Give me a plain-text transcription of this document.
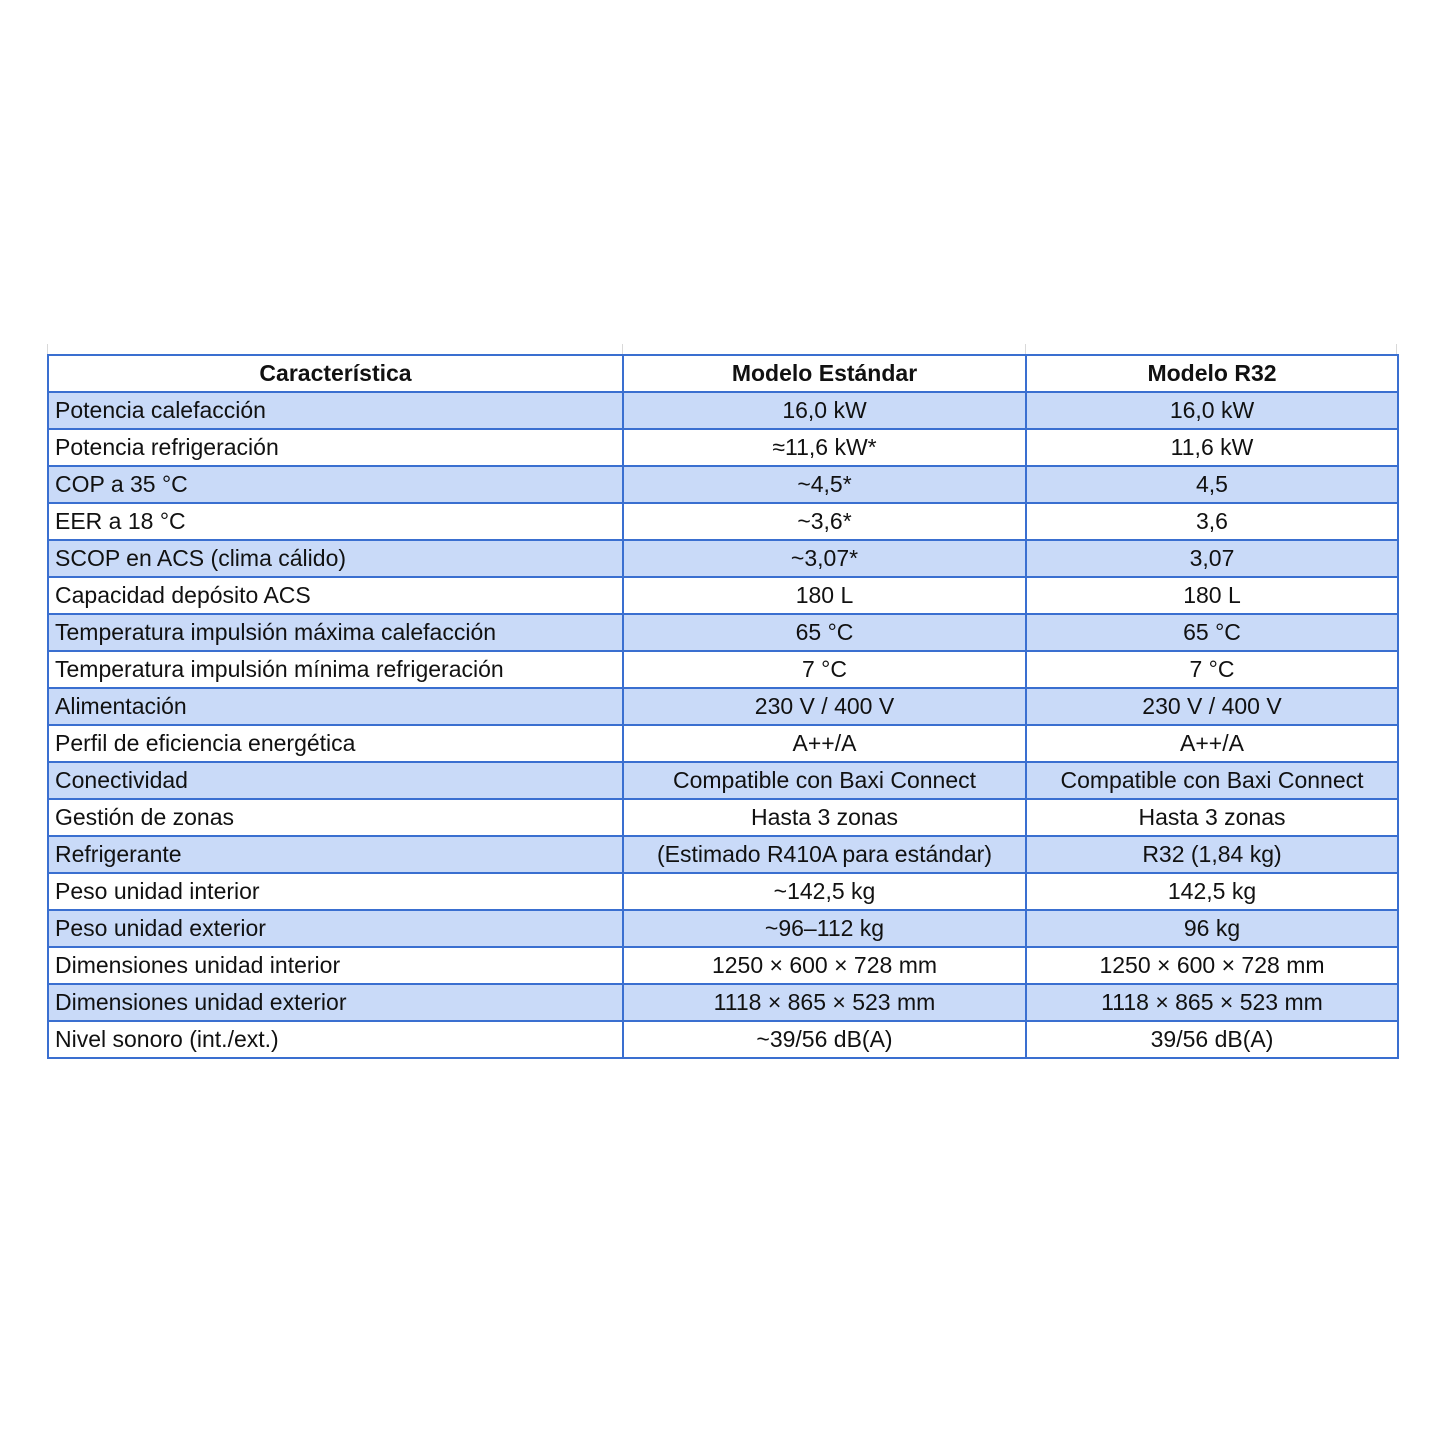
Característica	Modelo Estándar	Modelo R32
Potencia calefacción	16,0 kW	16,0 kW
Potencia refrigeración	≈11,6 kW*	11,6 kW
COP a 35 °C	~4,5*	4,5
EER a 18 °C	~3,6*	3,6
SCOP en ACS (clima cálido)	~3,07*	3,07
Capacidad depósito ACS	180 L	180 L
Temperatura impulsión máxima calefacción	65 °C	65 °C
Temperatura impulsión mínima refrigeración	7 °C	7 °C
Alimentación	230 V / 400 V	230 V / 400 V
Perfil de eficiencia energética	A++/A	A++/A
Conectividad	Compatible con Baxi Connect	Compatible con Baxi Connect
Gestión de zonas	Hasta 3 zonas	Hasta 3 zonas
Refrigerante	(Estimado R410A para estándar)	R32 (1,84 kg)
Peso unidad interior	~142,5 kg	142,5 kg
Peso unidad exterior	~96–112 kg	96 kg
Dimensiones unidad interior	1250 × 600 × 728 mm	1250 × 600 × 728 mm
Dimensiones unidad exterior	1118 × 865 × 523 mm	1118 × 865 × 523 mm
Nivel sonoro (int./ext.)	~39/56 dB(A)	39/56 dB(A)
